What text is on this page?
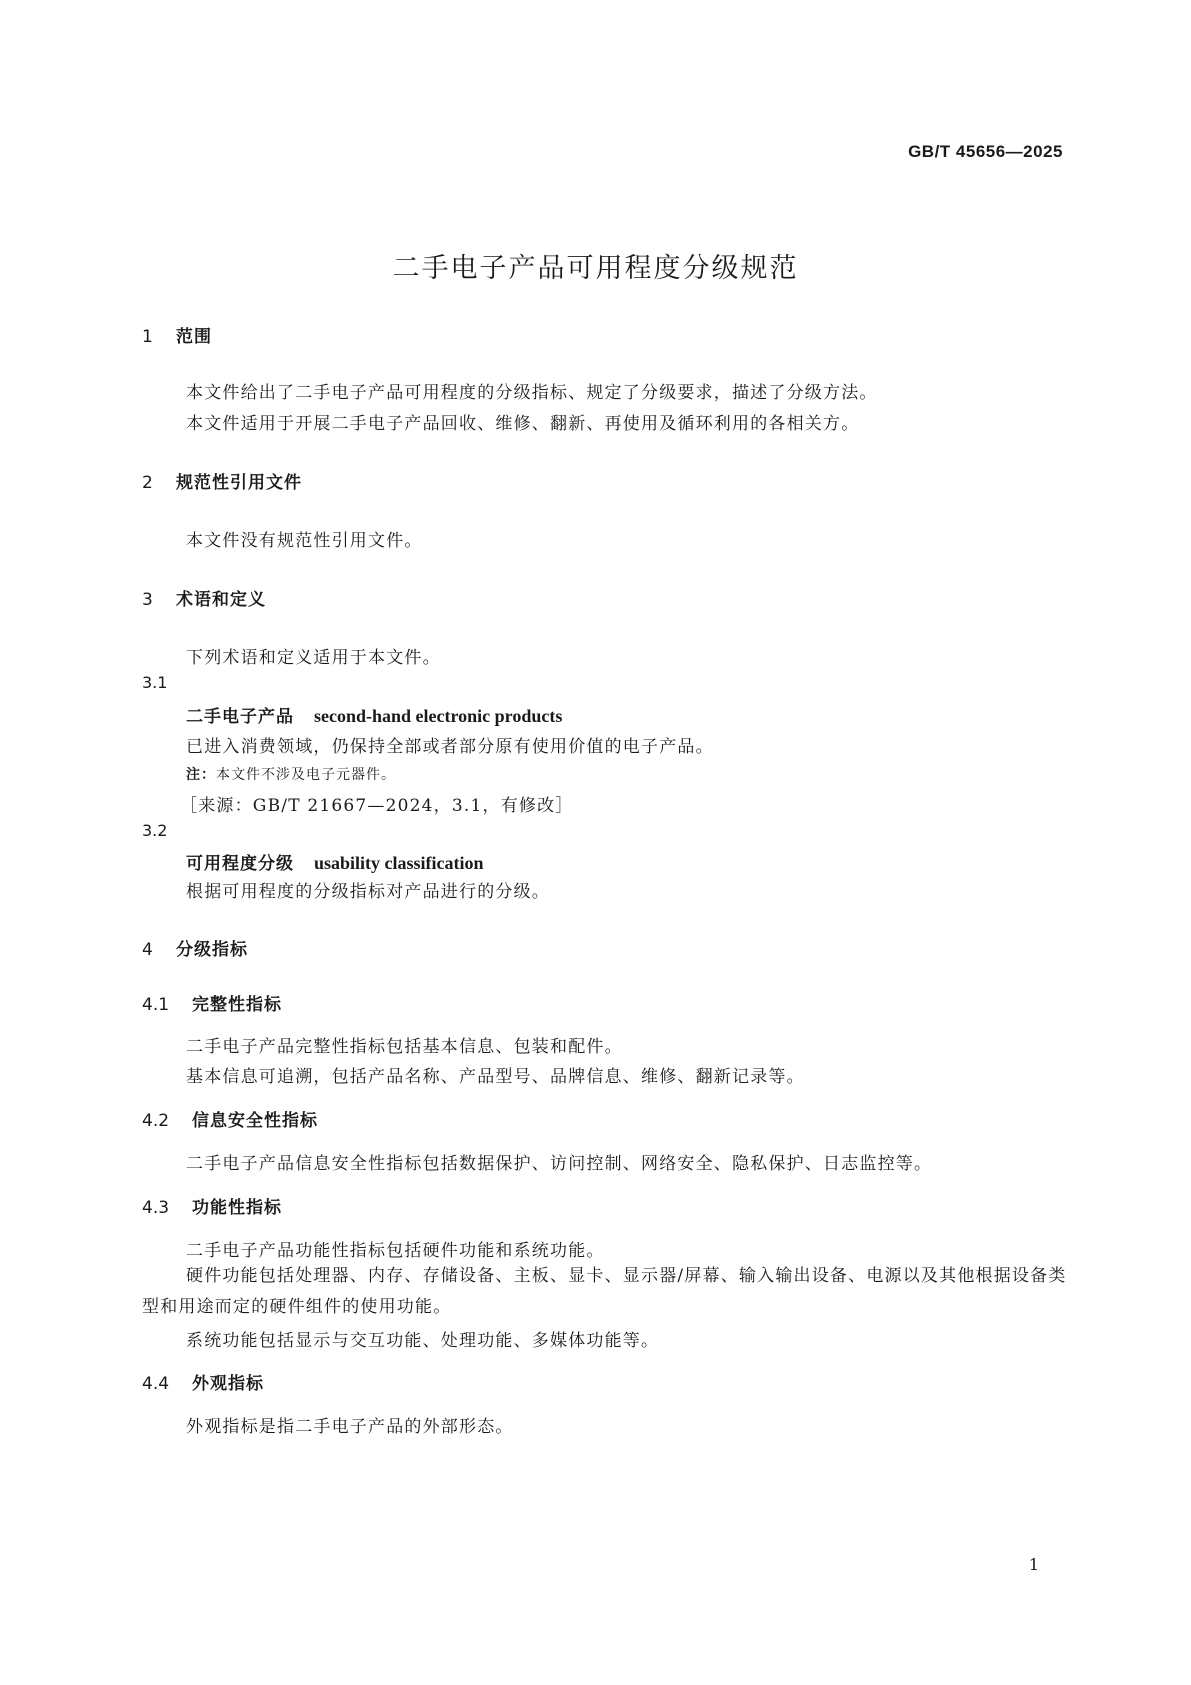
GB/T 45656—2025
二手电子产品可用程度分级规范
1 范围
本文件给出了二手电子产品可用程度的分级指标、规定了分级要求，描述了分级方法。
本文件适用于开展二手电子产品回收、维修、翻新、再使用及循环利用的各相关方。
2 规范性引用文件
本文件没有规范性引用文件。
3 术语和定义
下列术语和定义适用于本文件。
3.1
二手电子产品 second-hand electronic products
已进入消费领域，仍保持全部或者部分原有使用价值的电子产品。
注：本文件不涉及电子元器件。
［来源：GB/T 21667—2024，3.1，有修改］
3.2
可用程度分级 usability classification
根据可用程度的分级指标对产品进行的分级。
4 分级指标
4.1 完整性指标
二手电子产品完整性指标包括基本信息、包装和配件。
基本信息可追溯，包括产品名称、产品型号、品牌信息、维修、翻新记录等。
4.2 信息安全性指标
二手电子产品信息安全性指标包括数据保护、访问控制、网络安全、隐私保护、日志监控等。
4.3 功能性指标
二手电子产品功能性指标包括硬件功能和系统功能。
硬件功能包括处理器、内存、存储设备、主板、显卡、显示器/屏幕、输入输出设备、电源以及其他根据设备类型和用途而定的硬件组件的使用功能。
系统功能包括显示与交互功能、处理功能、多媒体功能等。
4.4 外观指标
外观指标是指二手电子产品的外部形态。
1
